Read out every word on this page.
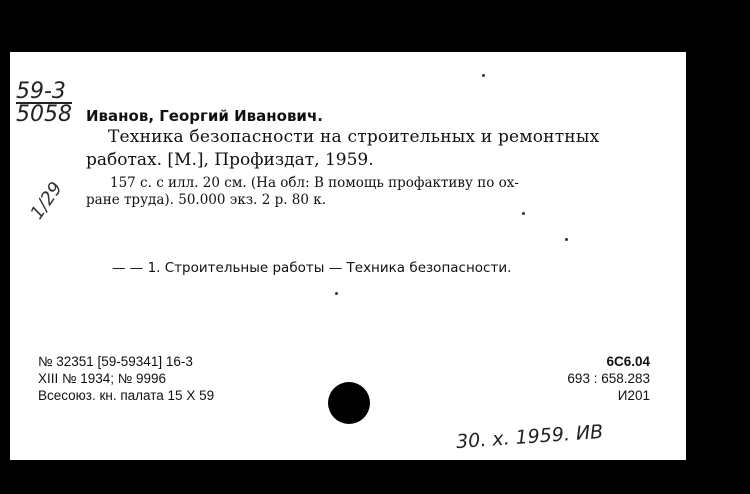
59-3
5058 Иванов, Георгий Иванович.
Техника безопасности на строительных и ремонтных
работах. [М.], Профиздат, 1959.
157 с. с илл. 20 см. (На обл: В помощь профактиву по ох-
ране труда). 50.000 экз. 2 р. 80 к.
1/29
— — 1. Строительные работы — Техника безопасности.
№ 32351 [59-59341] 16-3
XIII № 1934; № 9996
Всесоюз. кн. палата 15 X 59
6С6.04
693 : 658.283
И201
30. x. 1959. ИВ
